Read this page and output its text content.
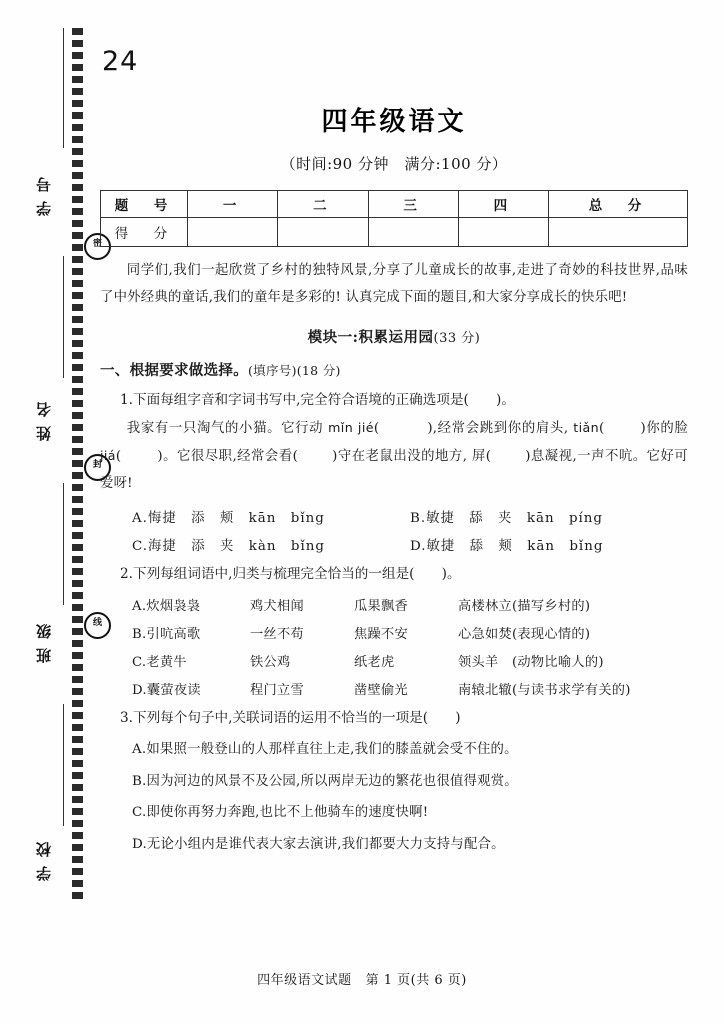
学号
密
姓名
封
班级	线
学校
24
四年级语文
（时间:90 分钟　满分:100 分）
题　号	一	二	三	四	总　分
得　分					
同学们,我们一起欣赏了乡村的独特风景,分享了儿童成长的故事,走进了奇妙的科技世界,品味了中外经典的童话,我们的童年是多彩的! 认真完成下面的题目,和大家分享成长的快乐吧!
模块一:积累运用园(33 分)
一、根据要求做选择。(填序号)(18 分)
1.下面每组字音和字词书写中,完全符合语境的正确选项是(　　)。
我家有一只淘气的小猫。它行动 mǐn jié(	),经常会跳到你的肩头, tiǎn(	)你的脸 jiá(	)。它很尽职,经常会看(	)守在老鼠出没的地方, 屏(	)息凝视,一声不吭。它好可爱呀!
A.悔捷　添　颊　kān　bǐng	B.敏捷　舔　夹　kān　píng
C.海捷　添　夹　kàn　bǐng	D.敏捷　舔　颊　kān　bǐng
2.下列每组词语中,归类与梳理完全恰当的一组是(　　)。
A.炊烟袅袅	鸡犬相闻	瓜果飘香	高楼林立(描写乡村的)
B.引吭高歌	一丝不苟	焦躁不安	心急如焚(表现心情的)
C.老黄牛	铁公鸡	纸老虎	领头羊　(动物比喻人的)
D.囊萤夜读	程门立雪	凿壁偷光	南辕北辙(与读书求学有关的)
3.下列每个句子中,关联词语的运用不恰当的一项是(　　)
A.如果照一般登山的人那样直往上走,我们的膝盖就会受不住的。
B.因为河边的风景不及公园,所以两岸无边的繁花也很值得观赏。
C.即使你再努力奔跑,也比不上他骑车的速度快啊!
D.无论小组内是谁代表大家去演讲,我们都要大力支持与配合。
四年级语文试题 第 1 页(共 6 页)
